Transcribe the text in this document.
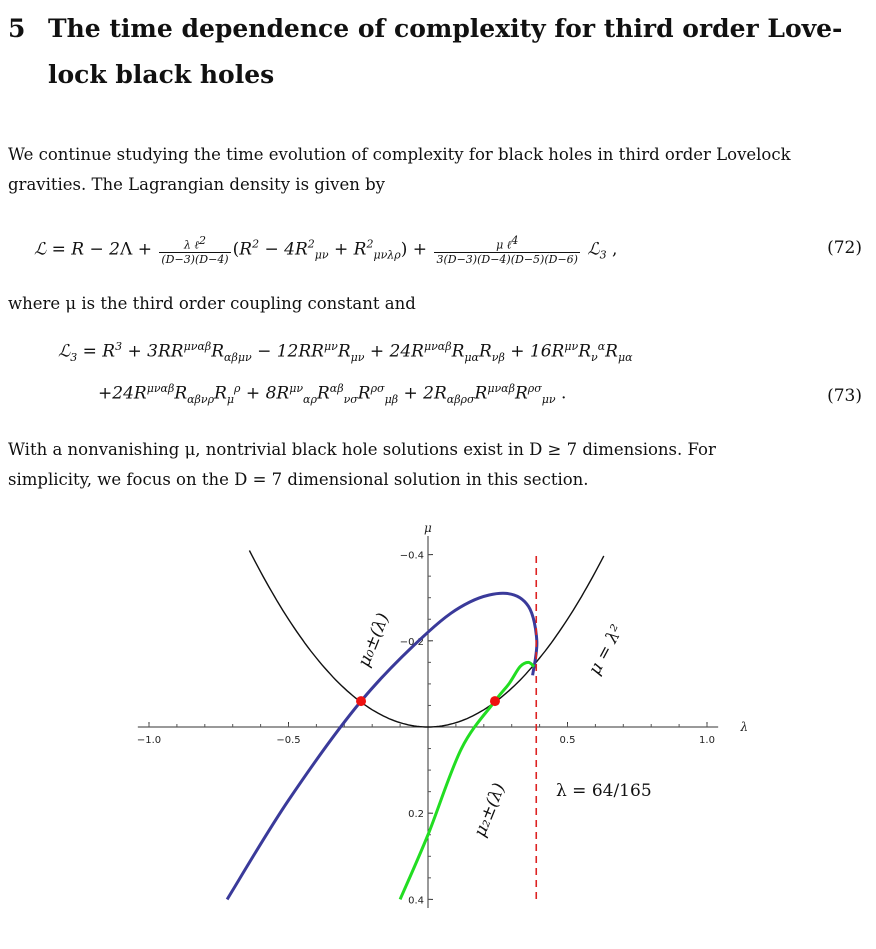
5 The time dependence of complexity for third order Love-
lock black holes
We continue studying the time evolution of complexity for black holes in third order Lovelock
gravities. The Lagrangian density is given by
ℒ = $R - 2\Lambda + \frac{\lambda \ell^2}{(D-3)(D-4)} (R^2 - 4R^2_{\mu\nu} + R^2_{\mu\nu\lambda\rho}) + \frac{\mu \ell^4}{3(D-3)(D-4)(D-5)(D-6)}$ ℒ$_3$ ,	(72)
where μ is the third order coupling constant and
ℒ$_3$ = $R^3 + 3RR^{\mu\nu\alpha\beta}R_{\alpha\beta\mu\nu} - 12RR^{\mu\nu}R_{\mu\nu} + 24R^{\mu\nu\alpha\beta}R_{\mu\alpha}R_{\nu\beta} + 16R^{\mu\nu}R_\nu^\alpha R_{\mu\alpha}$
$+24R^{\mu\nu\alpha\beta}R_{\alpha\beta\nu\rho}R_\mu^\rho + 8R^{\mu\nu}_{\alpha\rho}R^{\alpha\beta}_{\nu\sigma}R^{\rho\sigma}_{\mu\beta} + 2R_{\alpha\beta\rho\sigma}R^{\mu\nu\alpha\beta}R^{\rho\sigma}_{\mu\nu}$ .	(73)
With a nonvanishing μ, nontrivial black hole solutions exist in D ≥ 7 dimensions. For
simplicity, we focus on the D = 7 dimensional solution in this section.
−1.0	−0.5	0.5	1.0
0.4
0.2
−0.2
−0.4
λ
μ
μ₀±(λ)
μ₂±(λ)
μ = λ²
λ = 64/165
